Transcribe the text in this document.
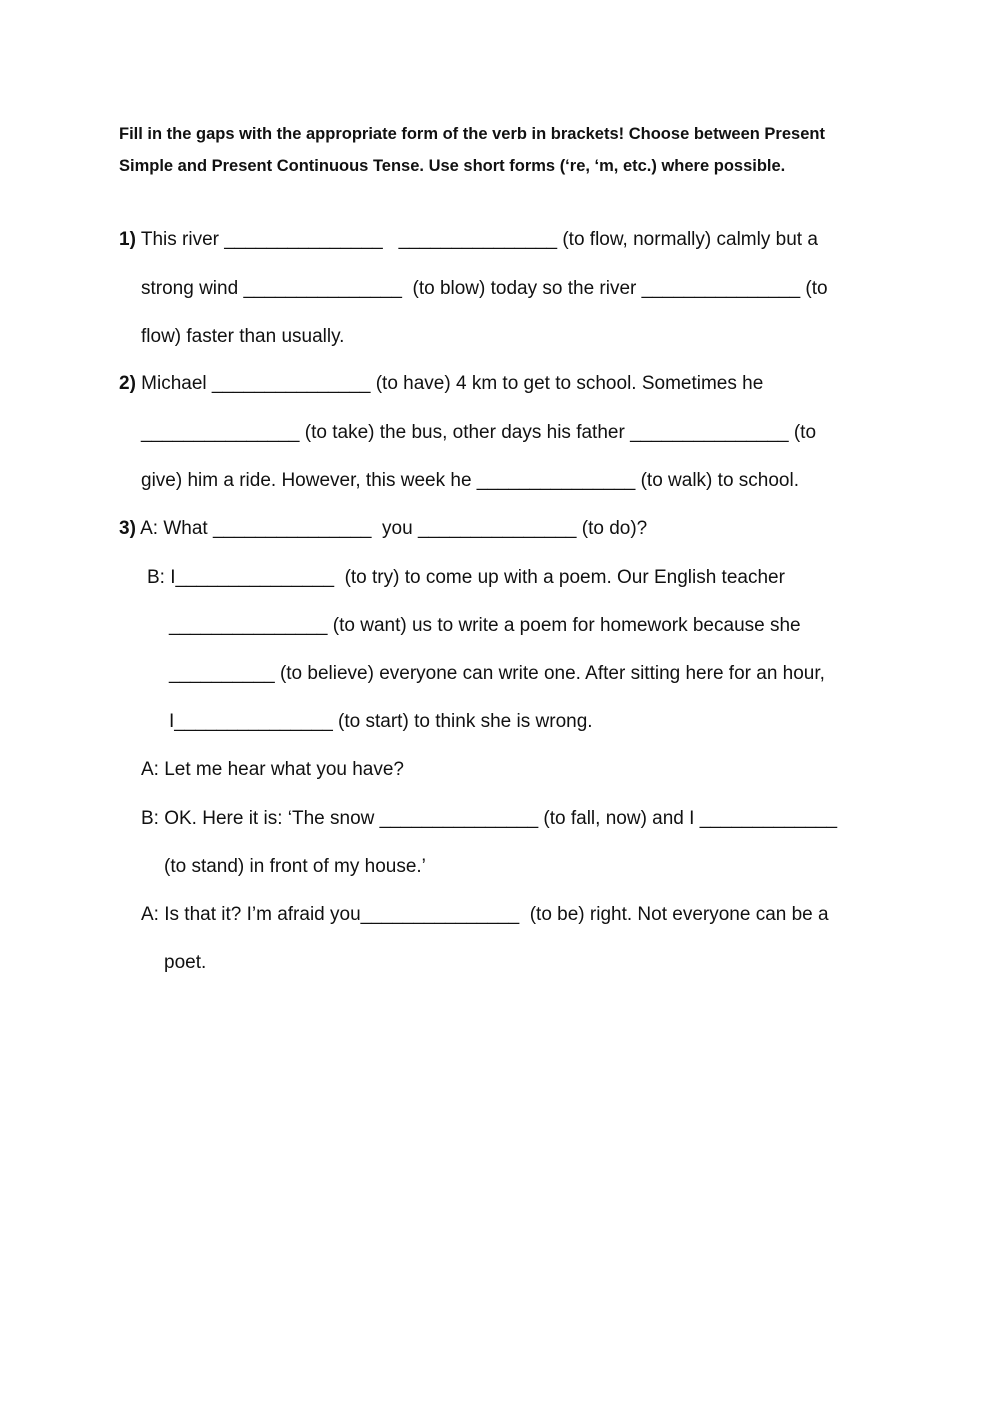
Fill in the gaps with the appropriate form of the verb in brackets! Choose between Present Simple and Present Continuous Tense. Use short forms (‘re, ‘m, etc.) where possible.

1) This river _______________   _______________ (to flow, normally) calmly but a
strong wind _______________  (to blow) today so the river _______________ (to
flow) faster than usually.
2) Michael _______________ (to have) 4 km to get to school. Sometimes he
_______________ (to take) the bus, other days his father _______________ (to
give) him a ride. However, this week he _______________ (to walk) to school.
3) A: What _______________  you _______________ (to do)?
B: I_______________  (to try) to come up with a poem. Our English teacher
_______________ (to want) us to write a poem for homework because she
__________ (to believe) everyone can write one. After sitting here for an hour,
I_______________ (to start) to think she is wrong.
A: Let me hear what you have?
B: OK. Here it is: ‘The snow _______________ (to fall, now) and I _____________
(to stand) in front of my house.’
A: Is that it? I’m afraid you_______________  (to be) right. Not everyone can be a
poet.
